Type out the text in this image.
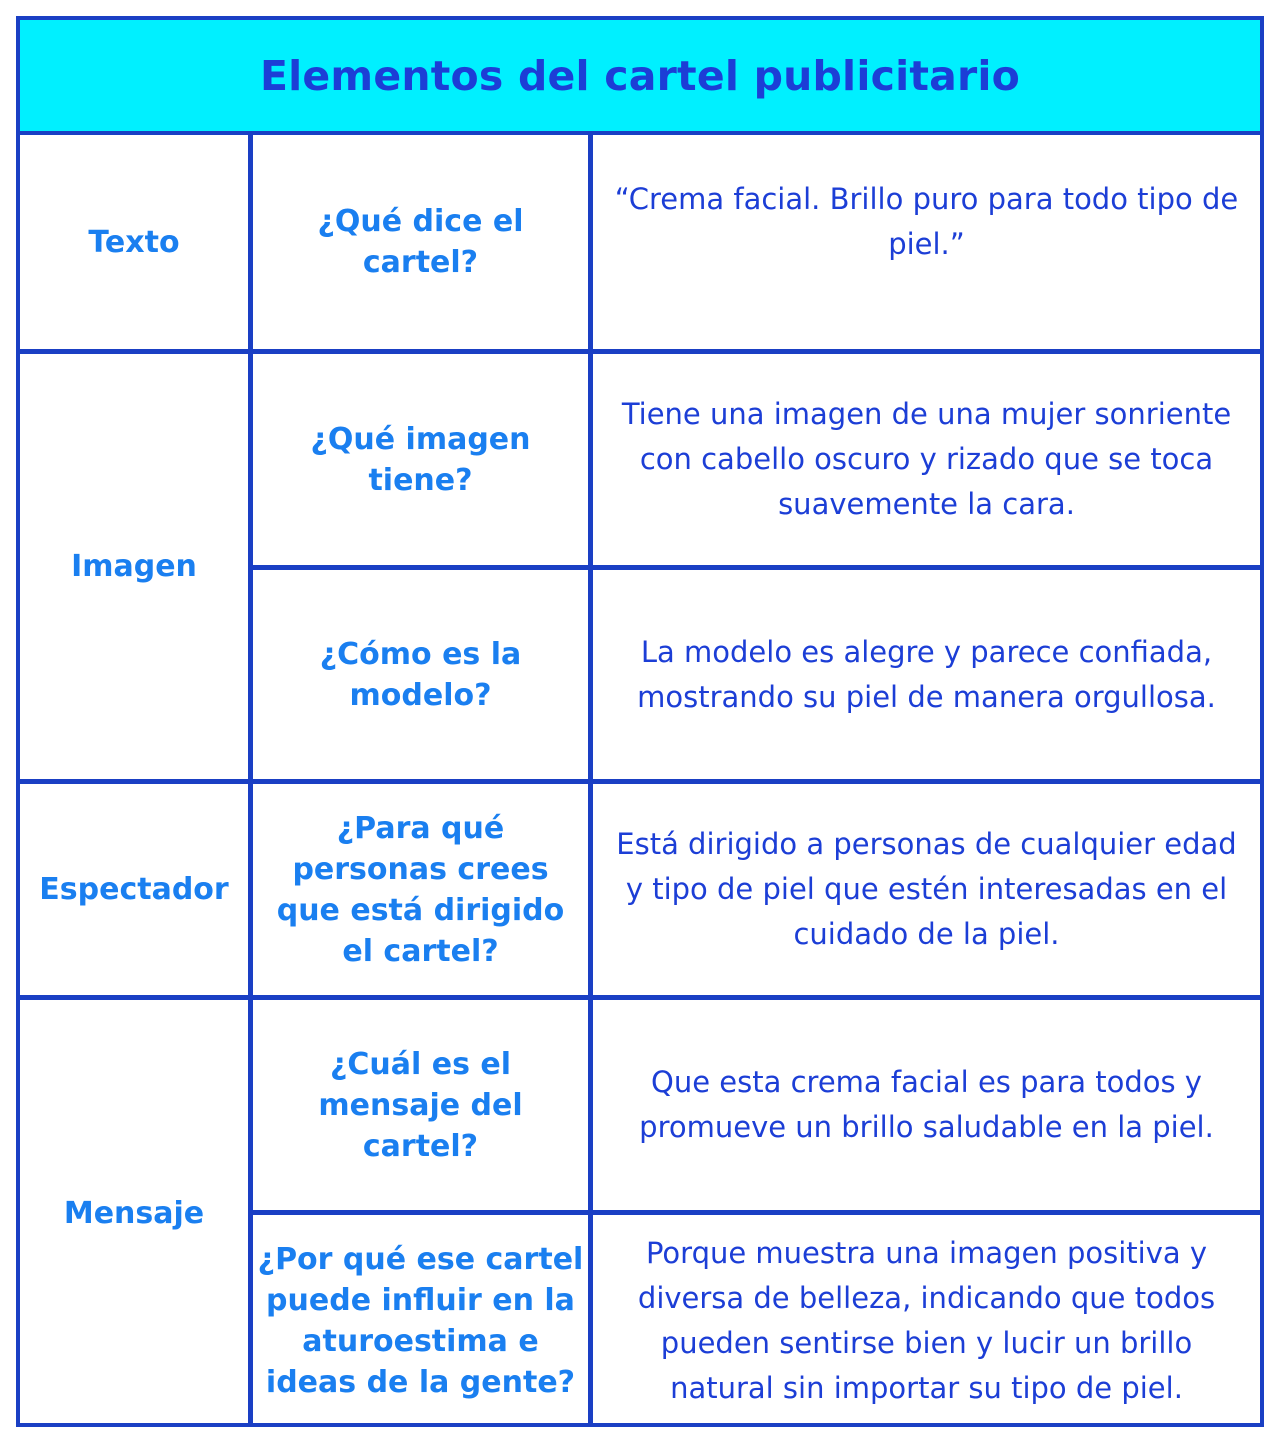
Elementos del cartel publicitario
Texto
Imagen
Espectador
Mensaje
¿Qué dice el cartel?
¿Qué imagen tiene?
¿Cómo es la modelo?
¿Para qué personas crees que está dirigido el cartel?
¿Cuál es el mensaje del cartel?
¿Por qué ese cartel puede influir en la aturoestima e ideas de la gente?
“Crema facial. Brillo puro para todo tipo de piel.”
Tiene una imagen de una mujer sonriente con cabello oscuro y rizado que se toca suavemente la cara.
La modelo es alegre y parece confiada, mostrando su piel de manera orgullosa.
Está dirigido a personas de cualquier edad y tipo de piel que estén interesadas en el cuidado de la piel.
Que esta crema facial es para todos y promueve un brillo saludable en la piel.
Porque muestra una imagen positiva y diversa de belleza, indicando que todos pueden sentirse bien y lucir un brillo natural sin importar su tipo de piel.
